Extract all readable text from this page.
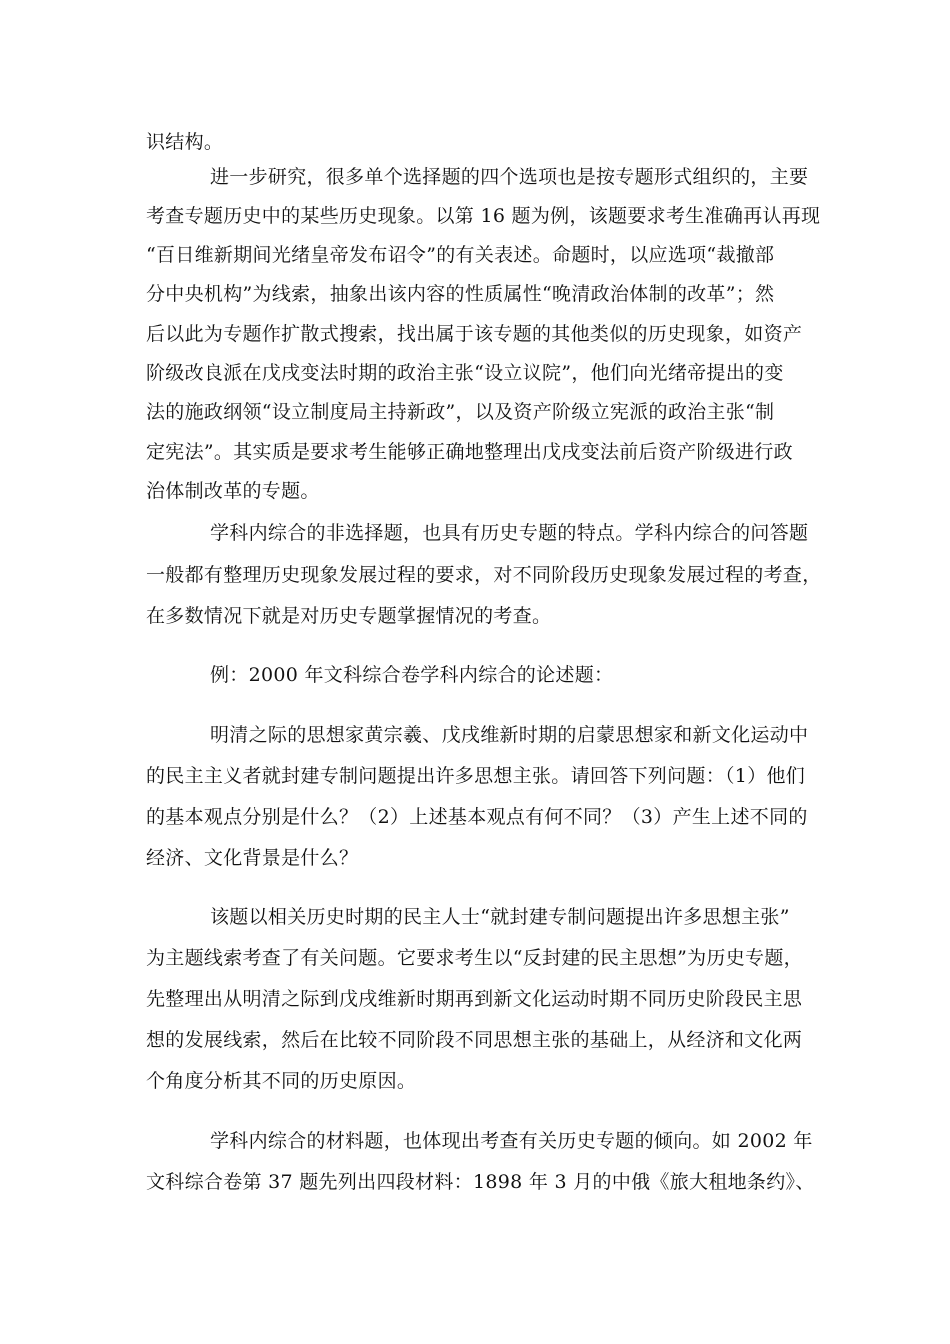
识结构。
进一步研究，很多单个选择题的四个选项也是按专题形式组织的，主要
考查专题历史中的某些历史现象。以第 16 题为例，该题要求考生准确再认再现
“百日维新期间光绪皇帝发布诏令”的有关表述。命题时，以应选项“裁撤部
分中央机构”为线索，抽象出该内容的性质属性“晚清政治体制的改革”；然
后以此为专题作扩散式搜索，找出属于该专题的其他类似的历史现象，如资产
阶级改良派在戊戌变法时期的政治主张“设立议院”，他们向光绪帝提出的变
法的施政纲领“设立制度局主持新政”，以及资产阶级立宪派的政治主张“制
定宪法”。其实质是要求考生能够正确地整理出戊戌变法前后资产阶级进行政
治体制改革的专题。
学科内综合的非选择题，也具有历史专题的特点。学科内综合的问答题
一般都有整理历史现象发展过程的要求，对不同阶段历史现象发展过程的考查，
在多数情况下就是对历史专题掌握情况的考查。
例：2000 年文科综合卷学科内综合的论述题：
明清之际的思想家黄宗羲、戊戌维新时期的启蒙思想家和新文化运动中
的民主主义者就封建专制问题提出许多思想主张。请回答下列问题：（1）他们
的基本观点分别是什么？（2）上述基本观点有何不同？（3）产生上述不同的
经济、文化背景是什么？
该题以相关历史时期的民主人士“就封建专制问题提出许多思想主张”
为主题线索考查了有关问题。它要求考生以“反封建的民主思想”为历史专题，
先整理出从明清之际到戊戌维新时期再到新文化运动时期不同历史阶段民主思
想的发展线索，然后在比较不同阶段不同思想主张的基础上，从经济和文化两
个角度分析其不同的历史原因。
学科内综合的材料题，也体现出考查有关历史专题的倾向。如 2002 年
文科综合卷第 37 题先列出四段材料：1898 年 3 月的中俄《旅大租地条约》、
